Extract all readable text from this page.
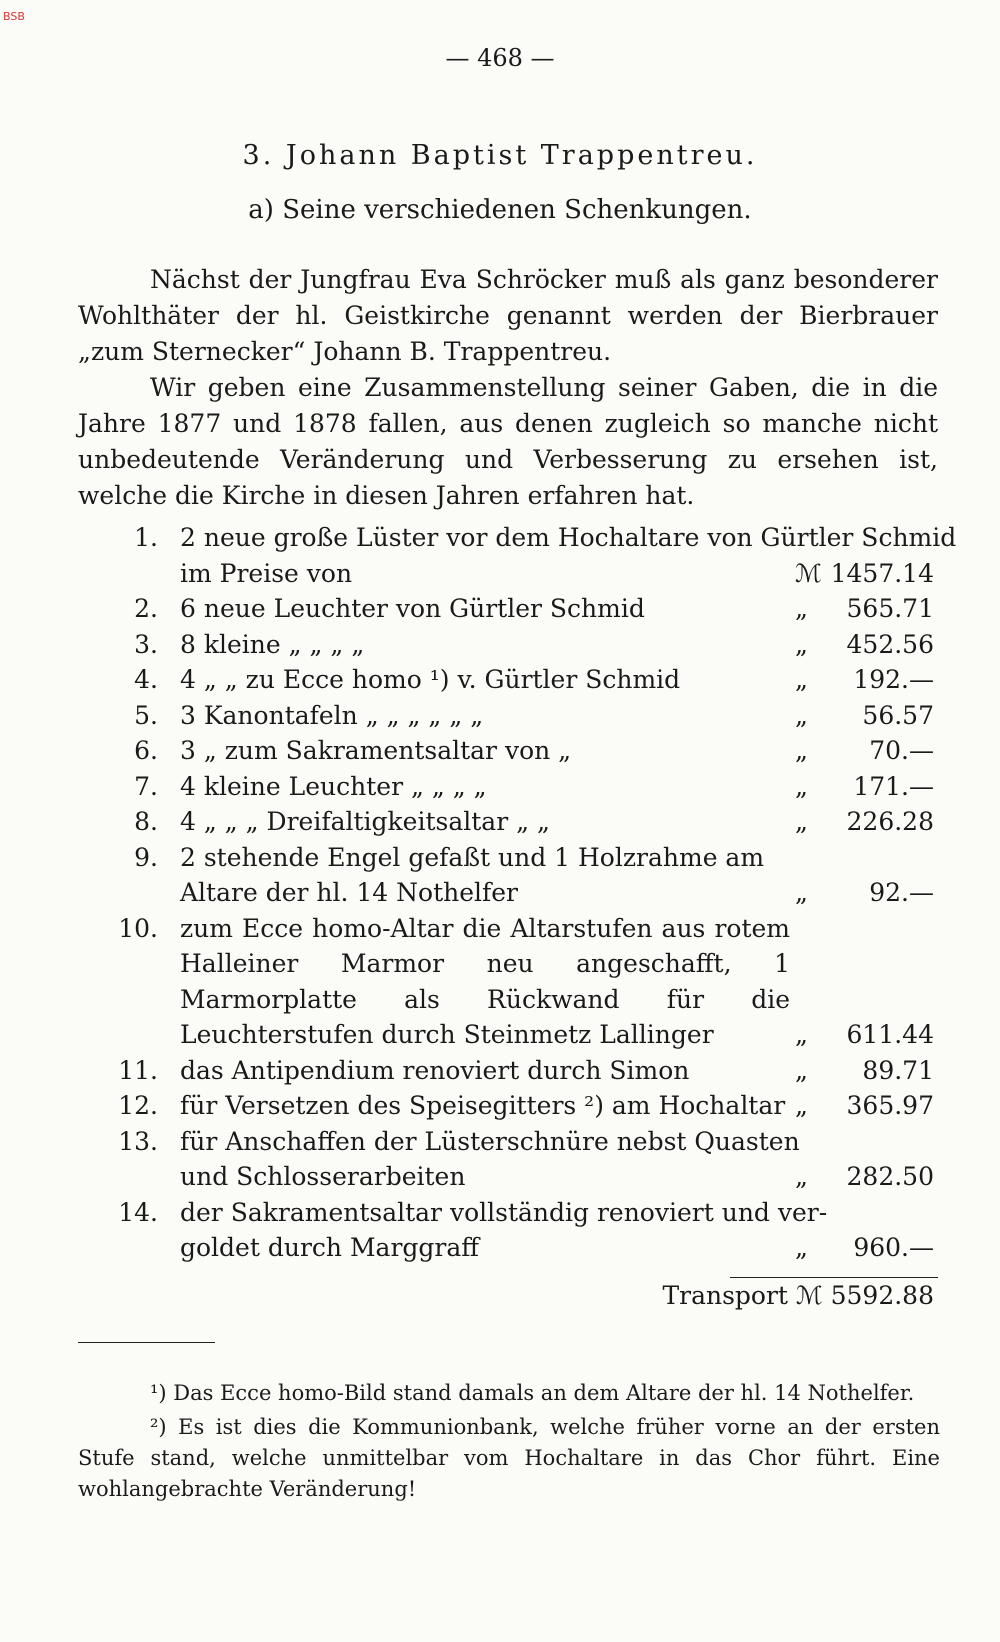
BSB
— 468 —
3. Johann Baptist Trappentreu.
a) Seine verschiedenen Schenkungen.
Nächst der Jungfrau Eva Schröcker muß als ganz besonderer Wohlthäter der hl. Geistkirche genannt werden der Bierbrauer „zum Sternecker“ Johann B. Trappentreu.
Wir geben eine Zusammenstellung seiner Gaben, die in die Jahre 1877 und 1878 fallen, aus denen zugleich so manche nicht unbedeutende Veränderung und Verbesserung zu ersehen ist, welche die Kirche in diesen Jahren erfahren hat.
1. 2 neue große Lüster vor dem Hochaltare von Gürtler Schmid
im Preise von	ℳ 1457.14
2. 6 neue Leuchter von Gürtler Schmid	„ 565.71
3. 8 kleine „ „ „ „	„ 452.56
4. 4 „ „ zu Ecce homo ¹) v. Gürtler Schmid	„ 192.—
5. 3 Kanontafeln „ „ „ „ „ „	„ 56.57
6. 3 „ zum Sakramentsaltar von „	„ 70.—
7. 4 kleine Leuchter „ „ „ „	„ 171.—
8. 4 „ „ „ Dreifaltigkeitsaltar „ „	„ 226.28
9. 2 stehende Engel gefaßt und 1 Holzrahme am
Altare der hl. 14 Nothelfer	„ 92.—
10. zum Ecce homo-Altar die Altarstufen aus rotem Halleiner Marmor neu angeschafft, 1 Marmorplatte als Rückwand für die Leuchterstufen durch Steinmetz Lallinger	„ 611.44
11. das Antipendium renoviert durch Simon	„ 89.71
12. für Versetzen des Speisegitters ²) am Hochaltar „ 365.97
13. für Anschaffen der Lüsterschnüre nebst Quasten
und Schlosserarbeiten	„ 282.50
14. der Sakramentsaltar vollständig renoviert und ver-
goldet durch Marggraff	„ 960.—
Transport ℳ 5592.88
¹) Das Ecce homo-Bild stand damals an dem Altare der hl. 14 Nothelfer.
²) Es ist dies die Kommunionbank, welche früher vorne an der ersten Stufe stand, welche unmittelbar vom Hochaltare in das Chor führt. Eine wohlangebrachte Veränderung!
